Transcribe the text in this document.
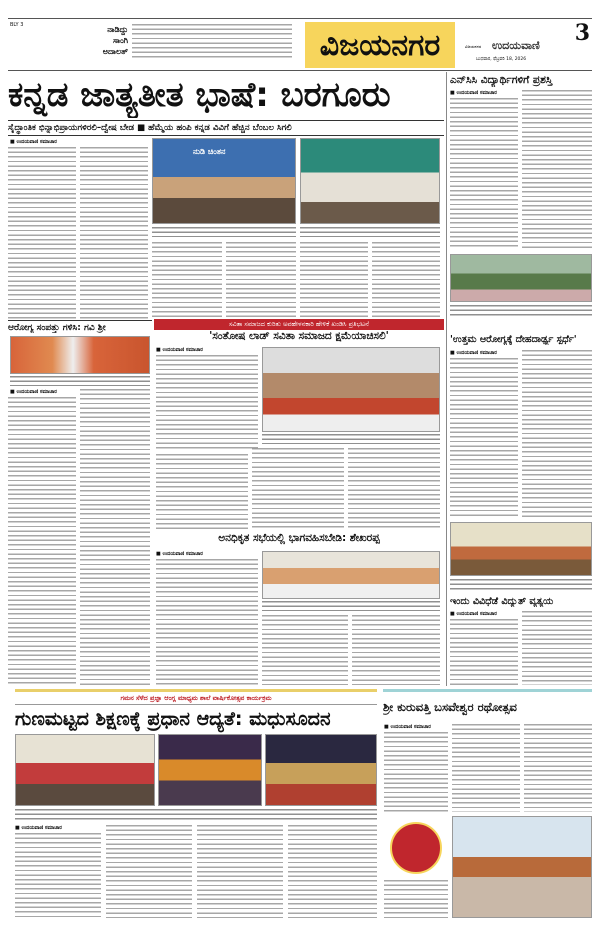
BLY 3	ನಾಡಿದ್ದು ಸಾಂಗಿ ಅದಾಲತ್	ವಿಜಯನಗರ	3
ವಿಜಯನಗರ ಉದಯವಾಣಿ
ಬುಧವಾರ, ಫೆಬ್ರವರಿ 18, 2026
ಕನ್ನಡ ಜಾತ್ಯತೀತ ಭಾಷೆ: ಬರಗೂರು
ಸೈದ್ಧಾಂತಿಕ ಭಿನ್ನಾಭಿಪ್ರಾಯಗಳಿರಲಿ–ದ್ವೇಷ ಬೇಡ ■ ಹೆಮ್ಮೆಯ ಹಂಪಿ ಕನ್ನಡ ವಿವಿಗೆ ಹೆಚ್ಚಿನ ಬೆಂಬಲ ಸಿಗಲಿ
■ ಉದಯವಾಣಿ ಸಮಾಚಾರ
ನುಡಿ ಚಿಂತನ
ಎನ್‌ಸಿಸಿ ವಿದ್ಯಾರ್ಥಿಗಳಿಗೆ ಪ್ರಶಸ್ತಿ
■ ಉದಯವಾಣಿ ಸಮಾಚಾರ
'ಉತ್ತಮ ಆರೋಗ್ಯಕ್ಕೆ ದೇಹದಾರ್ಢ್ಯ ಸ್ಪರ್ಧೆ'
■ ಉದಯವಾಣಿ ಸಮಾಚಾರ
ಇಂದು ವಿವಿಧೆಡೆ ವಿದ್ಯುತ್ ವ್ಯತ್ಯಯ
■ ಉದಯವಾಣಿ ಸಮಾಚಾರ
ಆರೋಗ್ಯ ಸಂಪತ್ತು ಗಳಿಸಿ: ಗವಿ ಶ್ರೀ
■ ಉದಯವಾಣಿ ಸಮಾಚಾರ
ಸವಿತಾ ಸಮಾಜದ ಕುರಿತು ಅವಹೇಳನಕಾರಿ ಹೇಳಿಕೆ ಖಂಡಿಸಿ ಪ್ರತಿಭಟನೆ
'ಸಂತೋಷ ಲಾಡ್ ಸವಿತಾ ಸಮಾಜದ ಕ್ಷಮೆಯಾಚಿಸಲಿ'
■ ಉದಯವಾಣಿ ಸಮಾಚಾರ
ಅನಧಿಕೃತ ಸಭೆಯಲ್ಲಿ ಭಾಗವಹಿಸಬೇಡಿ: ಶೇಖರಪ್ಪ
■ ಉದಯವಾಣಿ ಸಮಾಚಾರ
ಗಮನ ಸೆಳೆದ ಪ್ರಜ್ಞಾ ಆಂಗ್ಲ ಮಾಧ್ಯಮ ಶಾಲೆ ವಾರ್ಷಿಕೋತ್ಸವ ಕಾರ್ಯಕ್ರಮ
ಗುಣಮಟ್ಟದ ಶಿಕ್ಷಣಕ್ಕೆ ಪ್ರಧಾನ ಆದ್ಯತೆ: ಮಧುಸೂದನ
■ ಉದಯವಾಣಿ ಸಮಾಚಾರ
ಶ್ರೀ ಕುರುವತ್ತಿ ಬಸವೇಶ್ವರ ರಥೋತ್ಸವ
■ ಉದಯವಾಣಿ ಸಮಾಚಾರ
